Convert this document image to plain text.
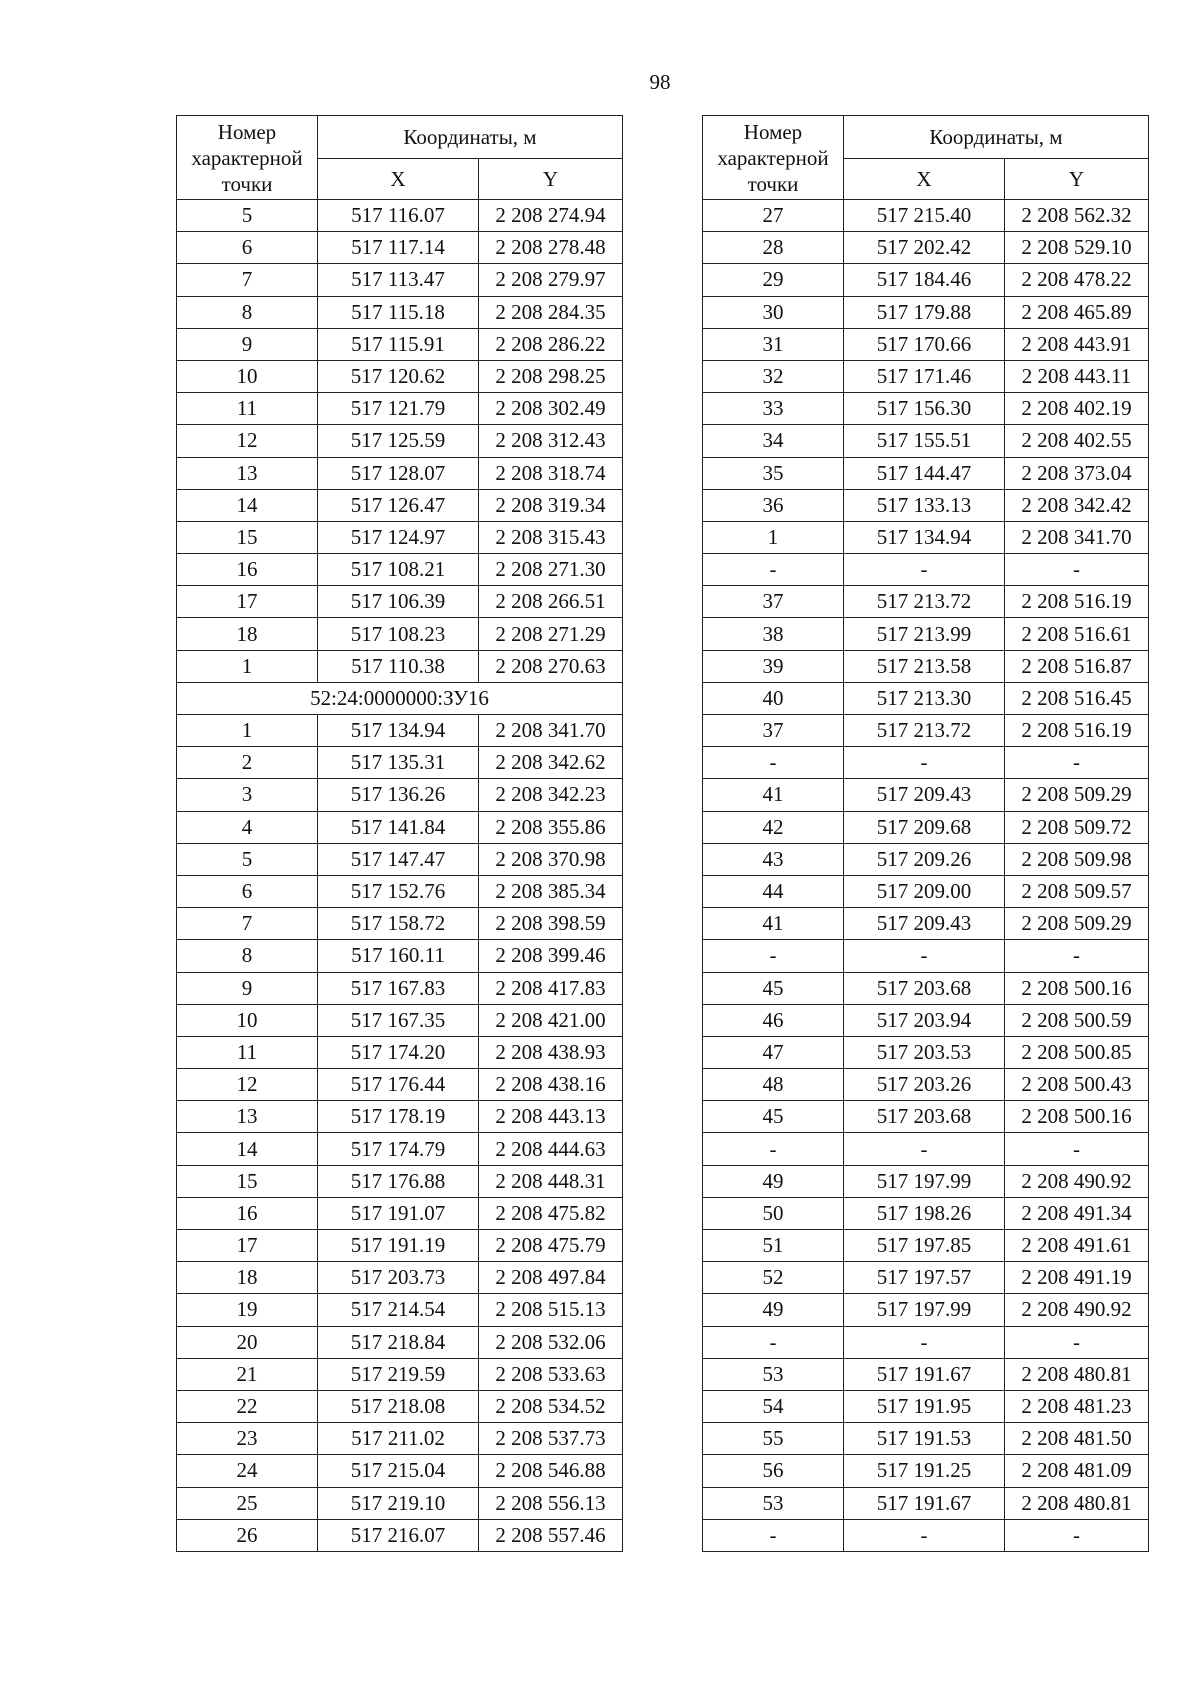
98
Номер характерной точки	Координаты, м	
	X	Y
5	517 116.07	2 208 274.94
6	517 117.14	2 208 278.48
7	517 113.47	2 208 279.97
8	517 115.18	2 208 284.35
9	517 115.91	2 208 286.22
10	517 120.62	2 208 298.25
11	517 121.79	2 208 302.49
12	517 125.59	2 208 312.43
13	517 128.07	2 208 318.74
14	517 126.47	2 208 319.34
15	517 124.97	2 208 315.43
16	517 108.21	2 208 271.30
17	517 106.39	2 208 266.51
18	517 108.23	2 208 271.29
1	517 110.38	2 208 270.63
52:24:0000000:ЗУ16		
1	517 134.94	2 208 341.70
2	517 135.31	2 208 342.62
3	517 136.26	2 208 342.23
4	517 141.84	2 208 355.86
5	517 147.47	2 208 370.98
6	517 152.76	2 208 385.34
7	517 158.72	2 208 398.59
8	517 160.11	2 208 399.46
9	517 167.83	2 208 417.83
10	517 167.35	2 208 421.00
11	517 174.20	2 208 438.93
12	517 176.44	2 208 438.16
13	517 178.19	2 208 443.13
14	517 174.79	2 208 444.63
15	517 176.88	2 208 448.31
16	517 191.07	2 208 475.82
17	517 191.19	2 208 475.79
18	517 203.73	2 208 497.84
19	517 214.54	2 208 515.13
20	517 218.84	2 208 532.06
21	517 219.59	2 208 533.63
22	517 218.08	2 208 534.52
23	517 211.02	2 208 537.73
24	517 215.04	2 208 546.88
25	517 219.10	2 208 556.13
26	517 216.07	2 208 557.46
Номер характерной точки	Координаты, м	
	X	Y
27	517 215.40	2 208 562.32
28	517 202.42	2 208 529.10
29	517 184.46	2 208 478.22
30	517 179.88	2 208 465.89
31	517 170.66	2 208 443.91
32	517 171.46	2 208 443.11
33	517 156.30	2 208 402.19
34	517 155.51	2 208 402.55
35	517 144.47	2 208 373.04
36	517 133.13	2 208 342.42
1	517 134.94	2 208 341.70
-	-	-
37	517 213.72	2 208 516.19
38	517 213.99	2 208 516.61
39	517 213.58	2 208 516.87
40	517 213.30	2 208 516.45
37	517 213.72	2 208 516.19
-	-	-
41	517 209.43	2 208 509.29
42	517 209.68	2 208 509.72
43	517 209.26	2 208 509.98
44	517 209.00	2 208 509.57
41	517 209.43	2 208 509.29
-	-	-
45	517 203.68	2 208 500.16
46	517 203.94	2 208 500.59
47	517 203.53	2 208 500.85
48	517 203.26	2 208 500.43
45	517 203.68	2 208 500.16
-	-	-
49	517 197.99	2 208 490.92
50	517 198.26	2 208 491.34
51	517 197.85	2 208 491.61
52	517 197.57	2 208 491.19
49	517 197.99	2 208 490.92
-	-	-
53	517 191.67	2 208 480.81
54	517 191.95	2 208 481.23
55	517 191.53	2 208 481.50
56	517 191.25	2 208 481.09
53	517 191.67	2 208 480.81
-	-	-
